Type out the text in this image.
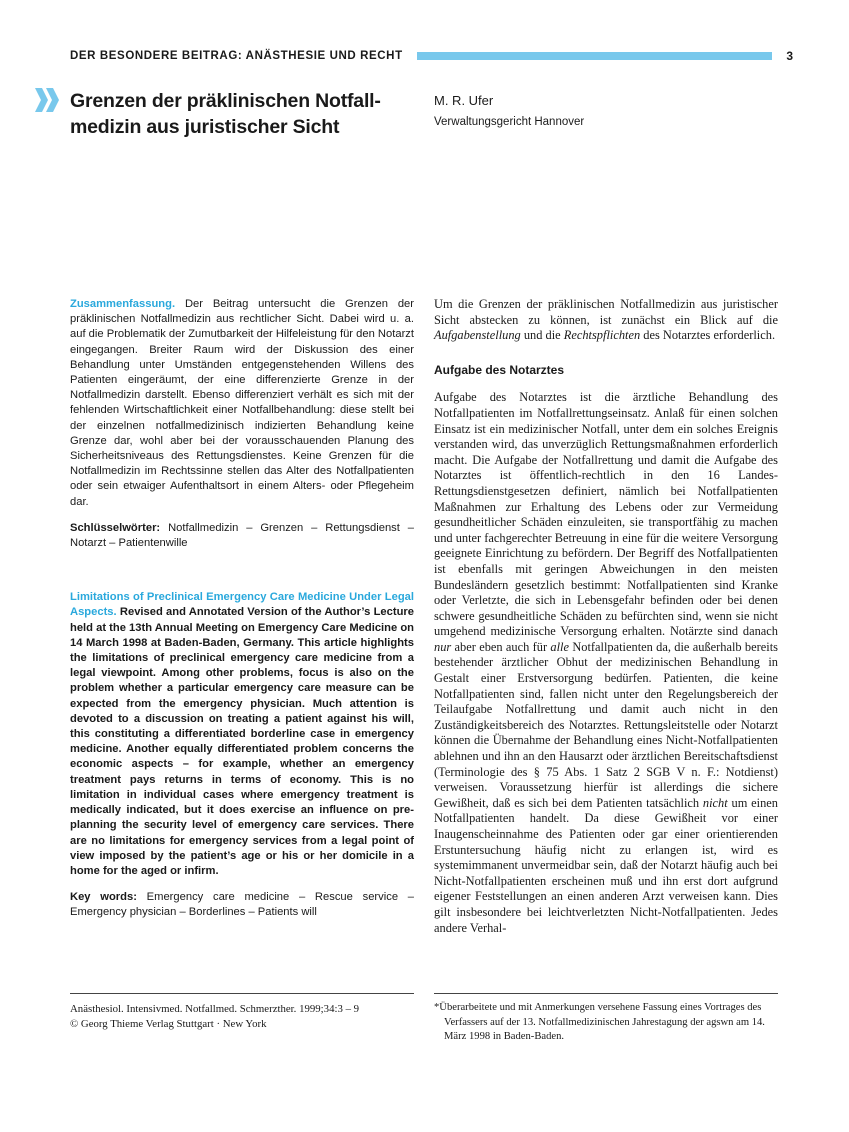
DER BESONDERE BEITRAG: ANÄSTHESIE UND RECHT	3
Grenzen der präklinischen Notfall-medizin aus juristischer Sicht
M. R. Ufer
Verwaltungsgericht Hannover

Zusammenfassung. Der Beitrag untersucht die Grenzen der präklinischen Notfallmedizin aus rechtlicher Sicht. Dabei wird u. a. auf die Problematik der Zumutbarkeit der Hilfeleistung für den Notarzt eingegangen. Breiter Raum wird der Diskussion des einer Behandlung unter Umständen entgegenstehenden Willens des Patienten eingeräumt, der eine differenzierte Grenze in der Notfallmedizin darstellt. Ebenso differenziert verhält es sich mit der fehlenden Wirtschaftlichkeit einer Notfallbehandlung: diese stellt bei der einzelnen notfallmedizinisch indizierten Behandlung keine Grenze dar, wohl aber bei der vorausschauenden Planung des Sicherheitsniveaus des Rettungsdienstes. Keine Grenzen für die Notfallmedizin im Rechtssinne stellen das Alter des Notfallpatienten oder sein etwaiger Aufenthaltsort in einem Alters- oder Pflegeheim dar.

Schlüsselwörter: Notfallmedizin – Grenzen – Rettungsdienst – Notarzt – Patientenwille

Limitations of Preclinical Emergency Care Medicine Under Legal Aspects. Revised and Annotated Version of the Author’s Lecture held at the 13th Annual Meeting on Emergency Care Medicine on 14 March 1998 at Baden-Baden, Germany. This article highlights the limitations of preclinical emergency care medicine from a legal viewpoint. Among other problems, focus is also on the problem whether a particular emergency care measure can be expected from the emergency physician. Much attention is devoted to a discussion on treating a patient against his will, this constituting a differentiated borderline case in emergency medicine. Another equally differentiated problem concerns the economic aspects – for example, whether an emergency treatment pays returns in terms of economy. This is no limitation in individual cases where emergency treatment is medically indicated, but it does exercise an influence on pre-planning the security level of emergency care services. There are no limitations for emergency services from a legal point of view imposed by the patient’s age or his or her domicile in a home for the aged or infirm.

Key words: Emergency care medicine – Rescue service – Emergency physician – Borderlines – Patients will

Um die Grenzen der präklinischen Notfallmedizin aus juristischer Sicht abstecken zu können, ist zunächst ein Blick auf die Aufgabenstellung und die Rechtspflichten des Notarztes erforderlich.

Aufgabe des Notarztes

Aufgabe des Notarztes ist die ärztliche Behandlung des Notfallpatienten im Notfallrettungseinsatz. Anlaß für einen solchen Einsatz ist ein medizinischer Notfall, unter dem ein solches Ereignis verstanden wird, das unverzüglich Rettungsmaßnahmen erforderlich macht. Die Aufgabe der Notfallrettung und damit die Aufgabe des Notarztes ist öffentlich-rechtlich in den 16 Landes-Rettungsdienstgesetzen definiert, nämlich bei Notfallpatienten Maßnahmen zur Erhaltung des Lebens oder zur Vermeidung gesundheitlicher Schäden einzuleiten, sie transportfähig zu machen und unter fachgerechter Betreuung in eine für die weitere Versorgung geeignete Einrichtung zu befördern. Der Begriff des Notfallpatienten ist ebenfalls mit geringen Abweichungen in den meisten Bundesländern gesetzlich bestimmt: Notfallpatienten sind Kranke oder Verletzte, die sich in Lebensgefahr befinden oder bei denen schwere gesundheitliche Schäden zu befürchten sind, wenn sie nicht umgehend medizinische Versorgung erhalten. Notärzte sind danach nur aber eben auch für alle Notfallpatienten da, die außerhalb bereits bestehender ärztlicher Obhut der medizinischen Behandlung in Gestalt einer Erstversorgung bedürfen. Patienten, die keine Notfallpatienten sind, fallen nicht unter den Regelungsbereich der Teilaufgabe Notfallrettung und damit auch nicht in den Zuständigkeitsbereich des Notarztes. Rettungsleitstelle oder Notarzt können die Übernahme der Behandlung eines Nicht-Notfallpatienten ablehnen und ihn an den Hausarzt oder ärztlichen Bereitschaftsdienst (Terminologie des § 75 Abs. 1 Satz 2 SGB V n. F.: Notdienst) verweisen. Voraussetzung hierfür ist allerdings die sichere Gewißheit, daß es sich bei dem Patienten tatsächlich nicht um einen Notfallpatienten handelt. Da diese Gewißheit vor einer Inaugenscheinnahme des Patienten oder gar einer orientierenden Erstuntersuchung häufig nicht zu erlangen ist, wird es systemimmanent unvermeidbar sein, daß der Notarzt häufig auch bei Nicht-Notfallpatienten erscheinen muß und ihn erst dort aufgrund eigener Feststellungen an einen anderen Arzt verweisen kann. Dies gilt insbesondere bei leichtverletzten Nicht-Notfallpatienten. Jedes andere Verhal-

Anästhesiol. Intensivmed. Notfallmed. Schmerzther. 1999;34:3 – 9
© Georg Thieme Verlag Stuttgart · New York
*Überarbeitete und mit Anmerkungen versehene Fassung eines Vortrages des Verfassers auf der 13. Notfallmedizinischen Jahrestagung der agswn am 14. März 1998 in Baden-Baden.
